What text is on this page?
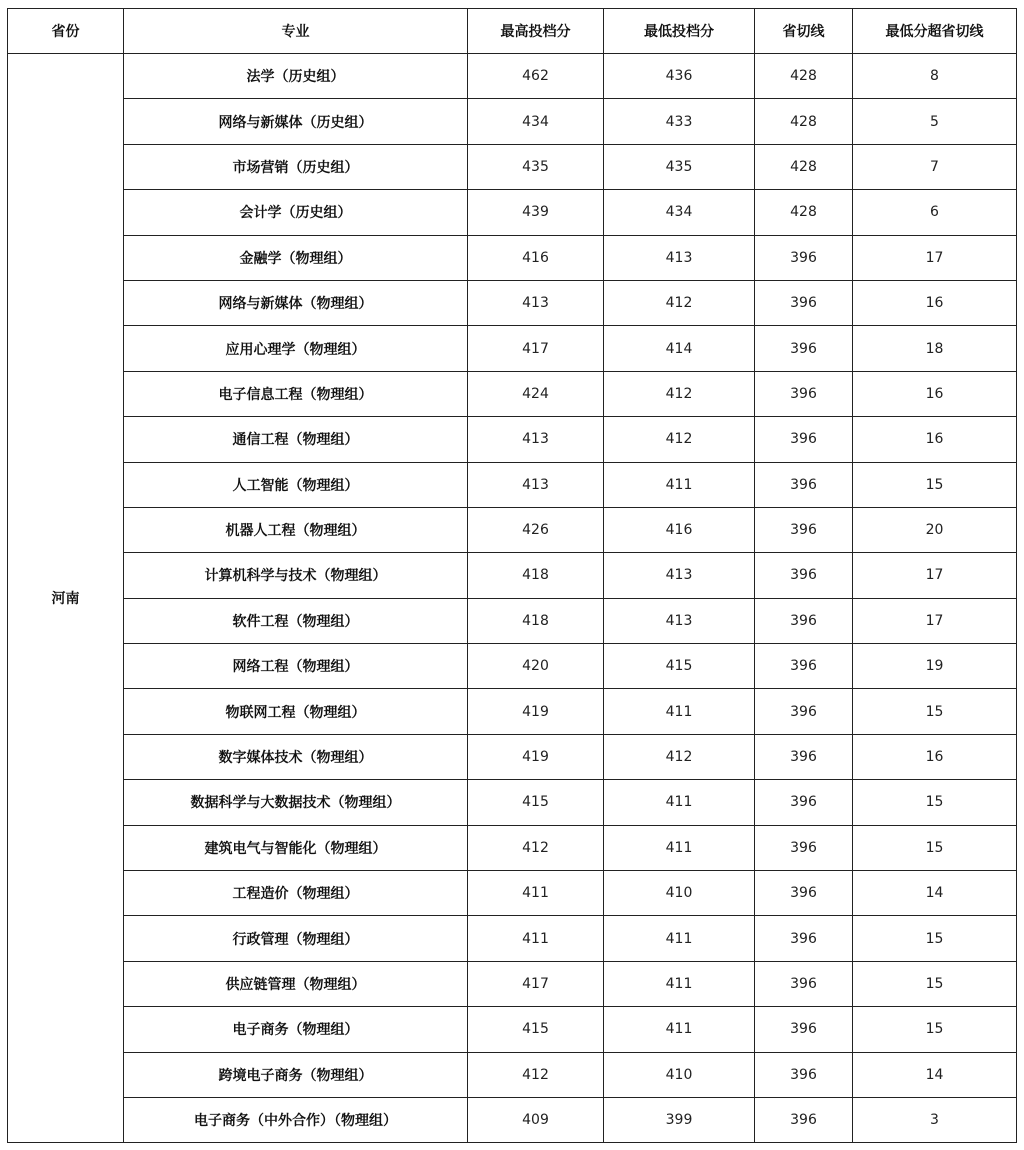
省份	专业	最高投档分	最低投档分	省切线	最低分超省切线
河南	法学（历史组）	462	436	428	8
	网络与新媒体（历史组）	434	433	428	5
	市场营销（历史组）	435	435	428	7
	会计学（历史组）	439	434	428	6
	金融学（物理组）	416	413	396	17
	网络与新媒体（物理组）	413	412	396	16
	应用心理学（物理组）	417	414	396	18
	电子信息工程（物理组）	424	412	396	16
	通信工程（物理组）	413	412	396	16
	人工智能（物理组）	413	411	396	15
	机器人工程（物理组）	426	416	396	20
	计算机科学与技术（物理组）	418	413	396	17
	软件工程（物理组）	418	413	396	17
	网络工程（物理组）	420	415	396	19
	物联网工程（物理组）	419	411	396	15
	数字媒体技术（物理组）	419	412	396	16
	数据科学与大数据技术（物理组）	415	411	396	15
	建筑电气与智能化（物理组）	412	411	396	15
	工程造价（物理组）	411	410	396	14
	行政管理（物理组）	411	411	396	15
	供应链管理（物理组）	417	411	396	15
	电子商务（物理组）	415	411	396	15
	跨境电子商务（物理组）	412	410	396	14
	电子商务（中外合作）（物理组）	409	399	396	3
